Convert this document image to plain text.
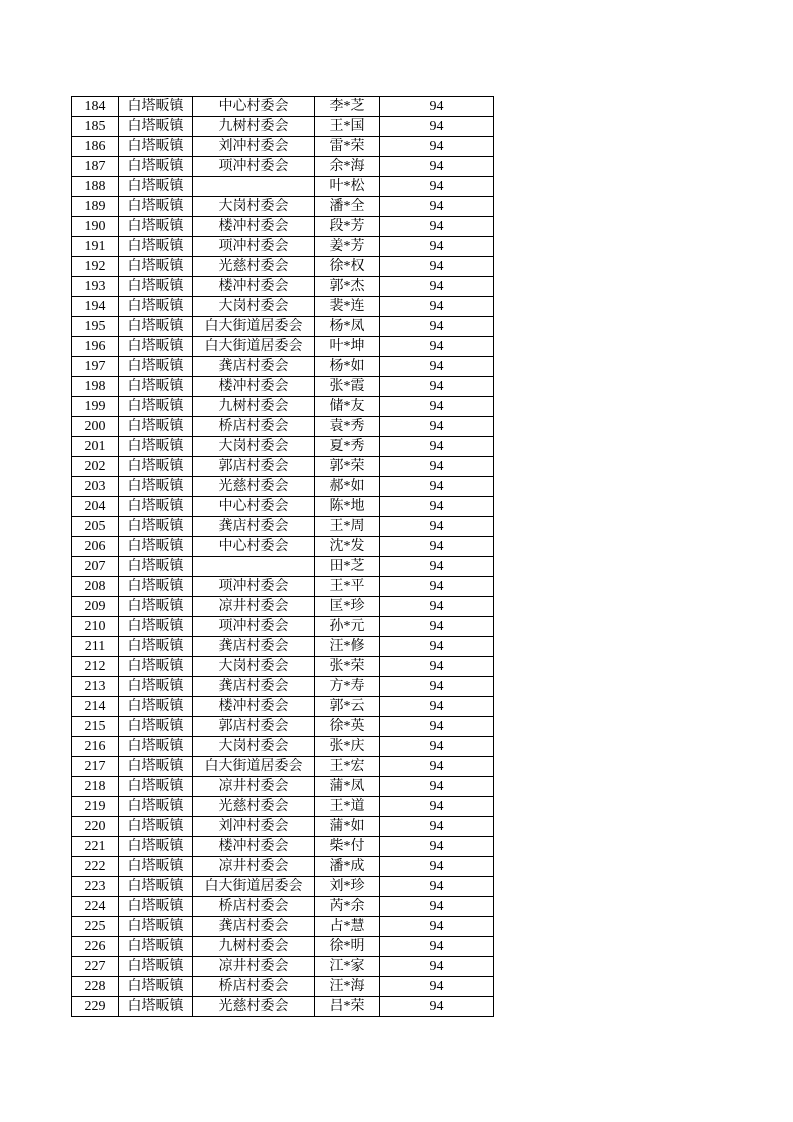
184	白塔畈镇	中心村委会	李*芝	94
185	白塔畈镇	九树村委会	王*国	94
186	白塔畈镇	刘冲村委会	雷*荣	94
187	白塔畈镇	项冲村委会	余*海	94
188	白塔畈镇		叶*松	94
189	白塔畈镇	大岗村委会	潘*全	94
190	白塔畈镇	楼冲村委会	段*芳	94
191	白塔畈镇	项冲村委会	姜*芳	94
192	白塔畈镇	光慈村委会	徐*权	94
193	白塔畈镇	楼冲村委会	郭*杰	94
194	白塔畈镇	大岗村委会	裴*连	94
195	白塔畈镇	白大街道居委会	杨*凤	94
196	白塔畈镇	白大街道居委会	叶*坤	94
197	白塔畈镇	龚店村委会	杨*如	94
198	白塔畈镇	楼冲村委会	张*霞	94
199	白塔畈镇	九树村委会	储*友	94
200	白塔畈镇	桥店村委会	袁*秀	94
201	白塔畈镇	大岗村委会	夏*秀	94
202	白塔畈镇	郭店村委会	郭*荣	94
203	白塔畈镇	光慈村委会	郝*如	94
204	白塔畈镇	中心村委会	陈*地	94
205	白塔畈镇	龚店村委会	王*周	94
206	白塔畈镇	中心村委会	沈*发	94
207	白塔畈镇		田*芝	94
208	白塔畈镇	项冲村委会	王*平	94
209	白塔畈镇	凉井村委会	匡*珍	94
210	白塔畈镇	项冲村委会	孙*元	94
211	白塔畈镇	龚店村委会	汪*修	94
212	白塔畈镇	大岗村委会	张*荣	94
213	白塔畈镇	龚店村委会	方*寿	94
214	白塔畈镇	楼冲村委会	郭*云	94
215	白塔畈镇	郭店村委会	徐*英	94
216	白塔畈镇	大岗村委会	张*庆	94
217	白塔畈镇	白大街道居委会	王*宏	94
218	白塔畈镇	凉井村委会	蒲*凤	94
219	白塔畈镇	光慈村委会	王*道	94
220	白塔畈镇	刘冲村委会	蒲*如	94
221	白塔畈镇	楼冲村委会	柴*付	94
222	白塔畈镇	凉井村委会	潘*成	94
223	白塔畈镇	白大街道居委会	刘*珍	94
224	白塔畈镇	桥店村委会	芮*余	94
225	白塔畈镇	龚店村委会	占*慧	94
226	白塔畈镇	九树村委会	徐*明	94
227	白塔畈镇	凉井村委会	江*家	94
228	白塔畈镇	桥店村委会	汪*海	94
229	白塔畈镇	光慈村委会	吕*荣	94
